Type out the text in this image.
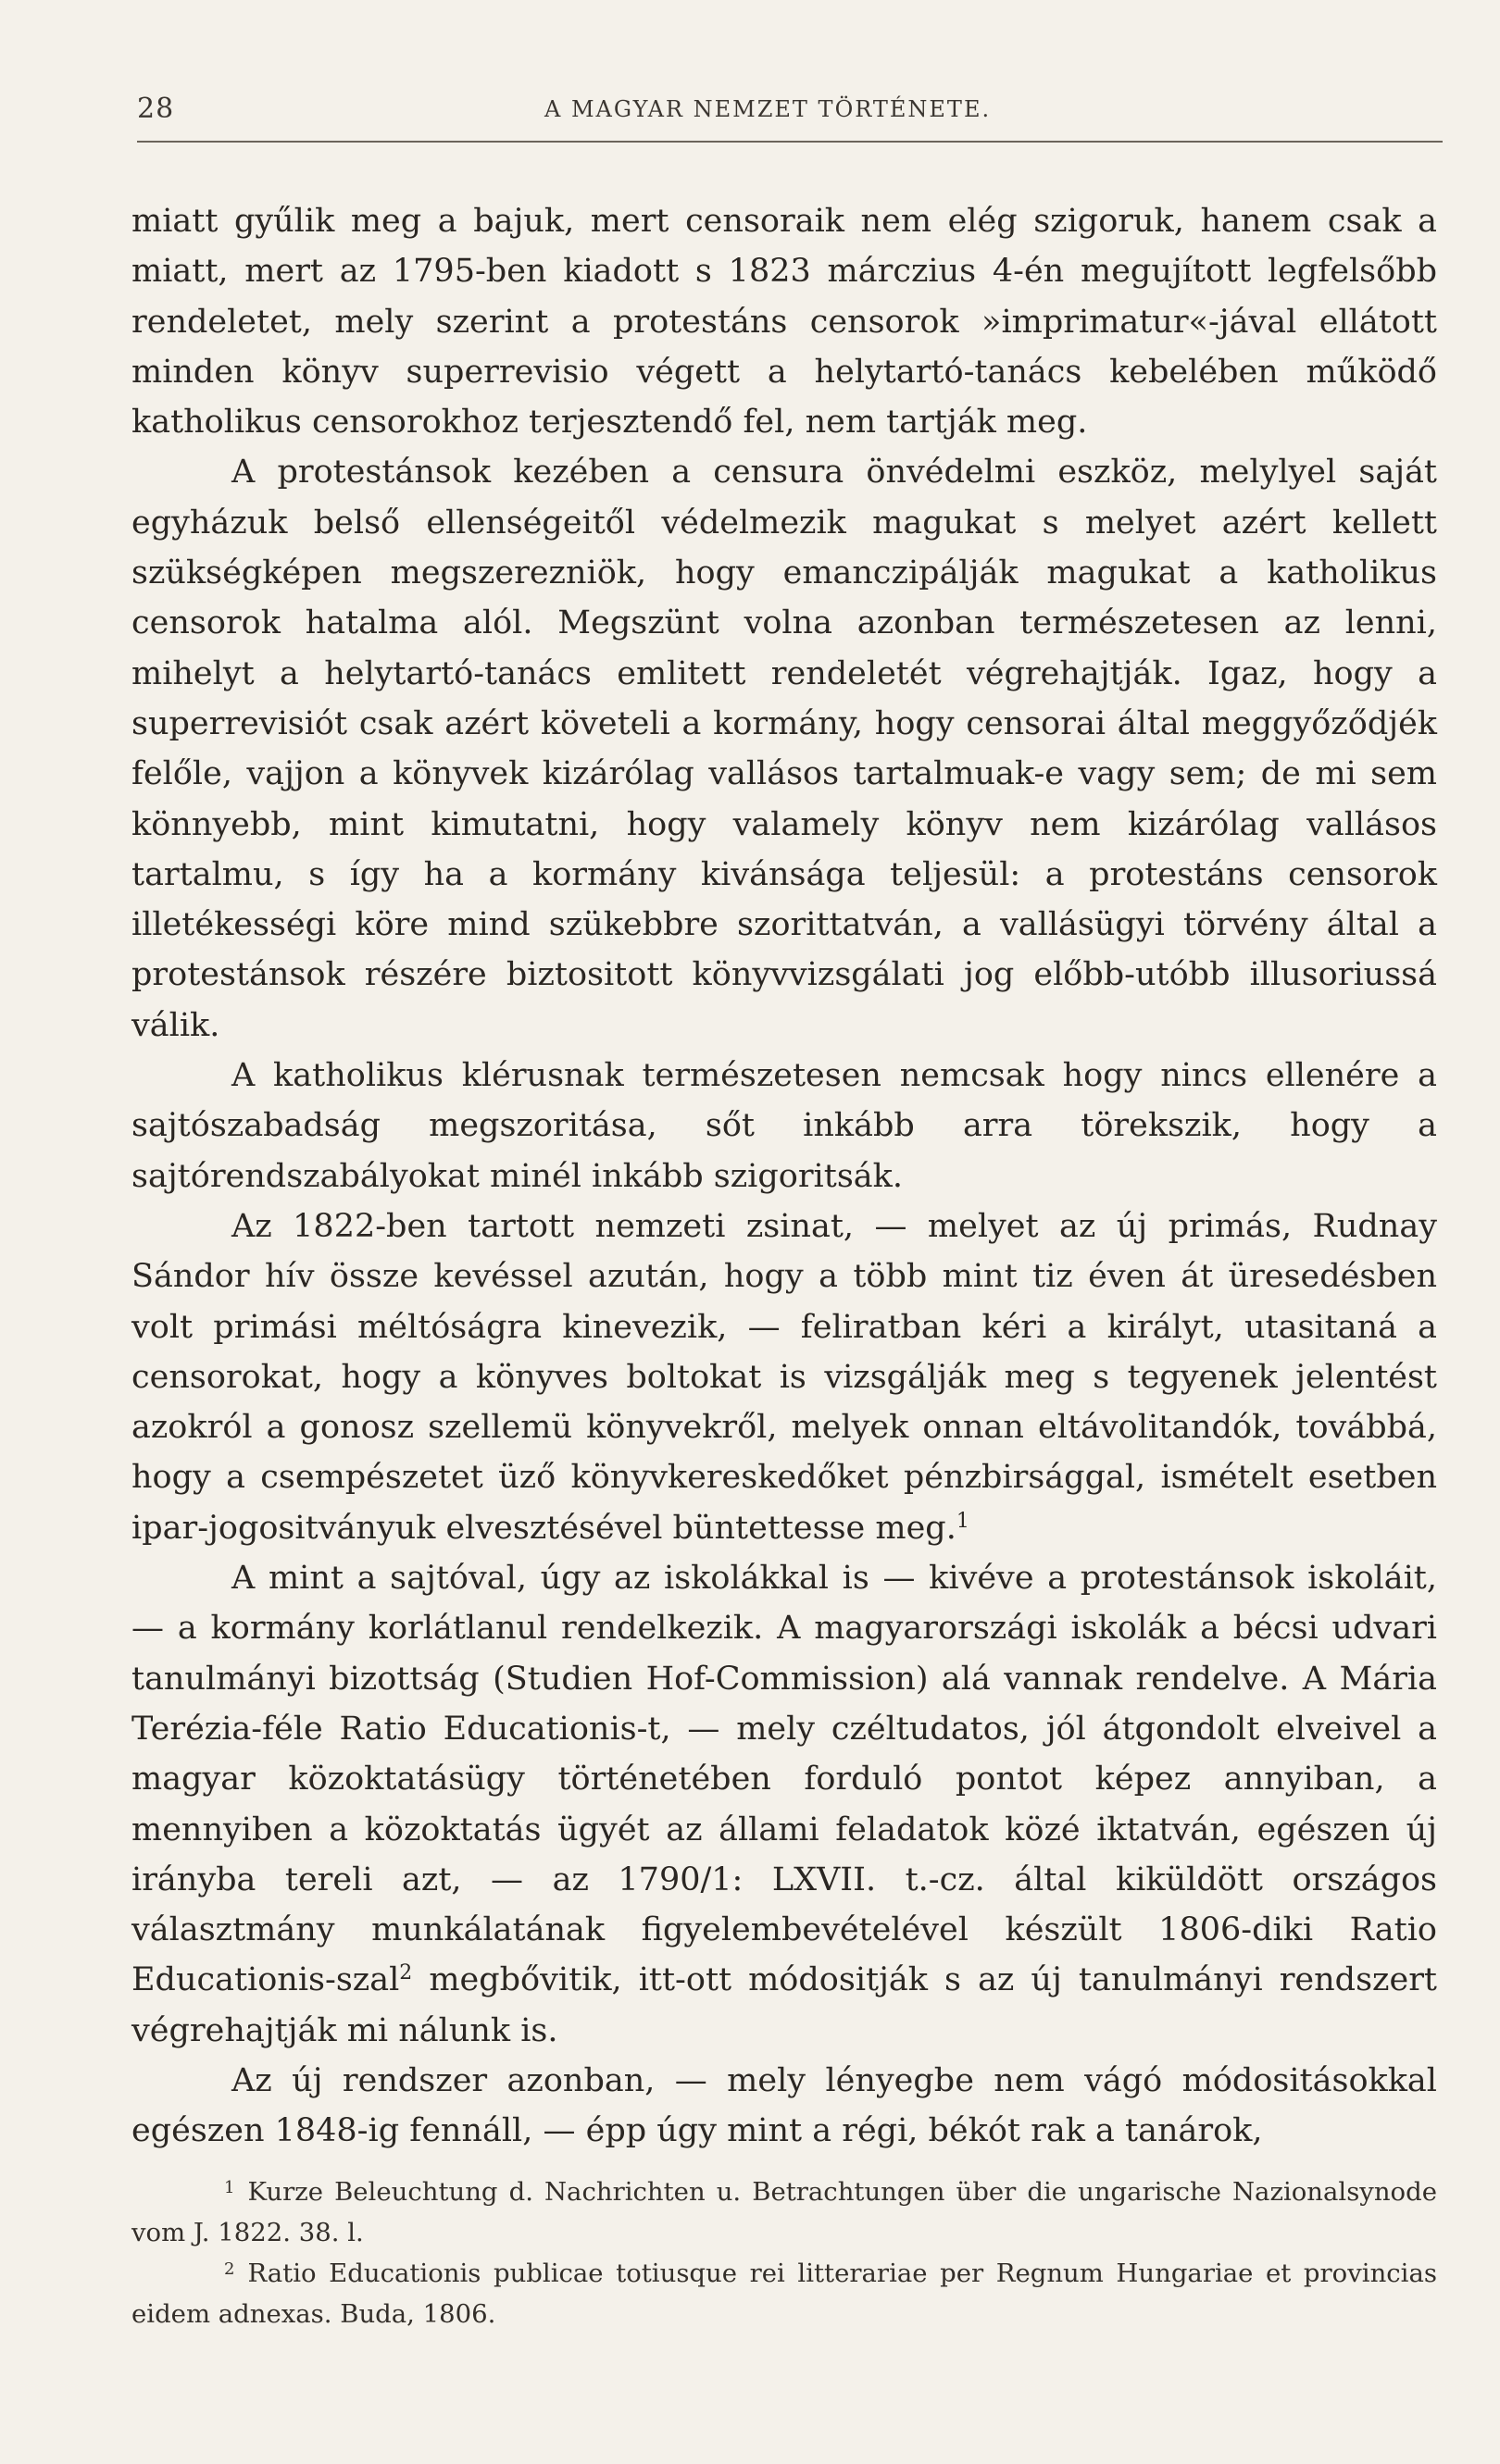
28	A MAGYAR NEMZET TÖRTÉNETE.

miatt gyűlik meg a bajuk, mert censoraik nem elég szigoruk, hanem csak a miatt, mert az 1795-ben kiadott s 1823 márczius 4-én megujított legfelsőbb rendeletet, mely szerint a protestáns censorok »imprimatur«-jával ellátott minden könyv superrevisio végett a helytartó-tanács kebelében működő katholikus censorokhoz terjesztendő fel, nem tartják meg.

A protestánsok kezében a censura önvédelmi eszköz, melylyel saját egyházuk belső ellenségeitől védelmezik magukat s melyet azért kellett szükségképen megszerezniök, hogy emanczipálják magukat a katholikus censorok hatalma alól. Megszünt volna azonban természetesen az lenni, mihelyt a helytartó-tanács emlitett rendeletét végrehajtják. Igaz, hogy a superrevisiót csak azért követeli a kormány, hogy censorai által meggyőződjék felőle, vajjon a könyvek kizárólag vallásos tartalmuak-e vagy sem; de mi sem könnyebb, mint kimutatni, hogy valamely könyv nem kizárólag vallásos tartalmu, s így ha a kormány kivánsága teljesül: a protestáns censorok illetékességi köre mind szükebbre szorittatván, a vallásügyi törvény által a protestánsok részére biztositott könyvvizsgálati jog előbb-utóbb illusoriussá válik.

A katholikus klérusnak természetesen nemcsak hogy nincs ellenére a sajtószabadság megszoritása, sőt inkább arra törekszik, hogy a sajtórendszabályokat minél inkább szigoritsák.

Az 1822-ben tartott nemzeti zsinat, — melyet az új primás, Rudnay Sándor hív össze kevéssel azután, hogy a több mint tiz éven át üresedésben volt primási méltóságra kinevezik, — feliratban kéri a királyt, utasitaná a censorokat, hogy a könyves boltokat is vizsgálják meg s tegyenek jelentést azokról a gonosz szellemü könyvekről, melyek onnan eltávolitandók, továbbá, hogy a csempészetet üző könyvkereskedőket pénzbirsággal, ismételt esetben ipar-jogositványuk elvesztésével büntettesse meg.$^1$

A mint a sajtóval, úgy az iskolákkal is — kivéve a protestánsok iskoláit, — a kormány korlátlanul rendelkezik. A magyarországi iskolák a bécsi udvari tanulmányi bizottság (Studien Hof-Commission) alá vannak rendelve. A Mária Terézia-féle Ratio Educationis-t, — mely czéltudatos, jól átgondolt elveivel a magyar közoktatásügy történetében forduló pontot képez annyiban, a mennyiben a közoktatás ügyét az állami feladatok közé iktatván, egészen új irányba tereli azt, — az 1790/1: LXVII. t.-cz. által kiküldött országos választmány munkálatának figyelembevételével készült 1806-diki Ratio Educationis-szal$^2$ megbővitik, itt-ott módositják s az új tanulmányi rendszert végrehajtják mi nálunk is.

Az új rendszer azonban, — mely lényegbe nem vágó módositásokkal egészen 1848-ig fennáll, — épp úgy mint a régi, békót rak a tanárok,

$^1$ Kurze Beleuchtung d. Nachrichten u. Betrachtungen über die ungarische Nazionalsynode vom J. 1822. 38. l.

$^2$ Ratio Educationis publicae totiusque rei litterariae per Regnum Hungariae et provincias eidem adnexas. Buda, 1806.
